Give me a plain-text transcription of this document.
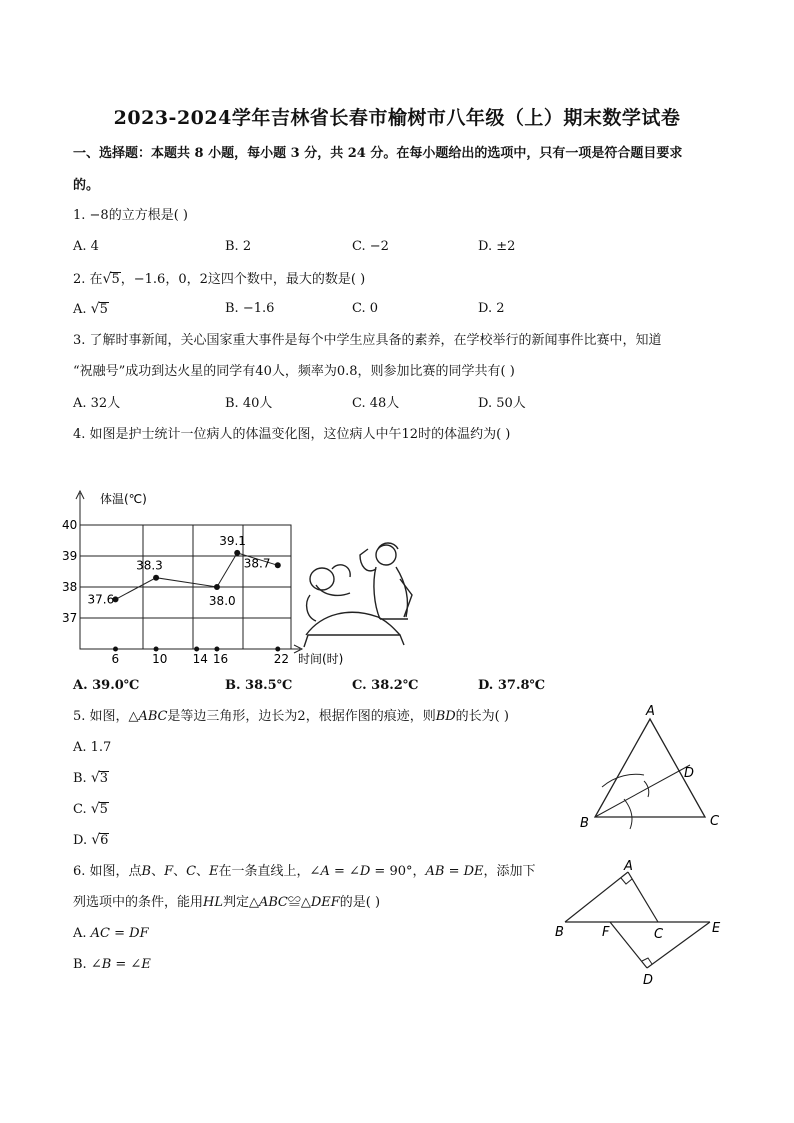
2023-2024学年吉林省长春市榆树市八年级（上）期末数学试卷
一、选择题：本题共 8 小题，每小题 3 分，共 24 分。在每小题给出的选项中，只有一项是符合题目要求
的。
1. −8的立方根是( )
A. 4	B. 2	C. −2	D. ±2
2. 在√5，−1.6，0，2这四个数中，最大的数是( )
A. √5	B. −1.6	C. 0	D. 2
3. 了解时事新闻，关心国家重大事件是每个中学生应具备的素养，在学校举行的新闻事件比赛中，知道
“祝融号”成功到达火星的同学有40人，频率为0.8，则参加比赛的同学共有( )
A. 32人	B. 40人	C. 48人	D. 50人
4. 如图是护士统计一位病人的体温变化图，这位病人中午12时的体温约为( )
体温(℃)
时间(时)
40
39
38
37
6	10 14 16	22
37.6
38.3
38.0
39.1
38.7
A. 39.0℃	B. 38.5℃	C. 38.2℃	D. 37.8℃
5. 如图，△𝐴𝐵𝐶是等边三角形，边长为2，根据作图的痕迹，则𝐵𝐷的长为( )
A. 1.7
B. √3
C. √5
D. √6
A
B	C
D
6. 如图，点𝐵、𝐹、𝐶、𝐸在一条直线上，∠𝐴 = ∠𝐷 = 90°，𝐴𝐵 = 𝐷𝐸，添加下
列选项中的条件，能用𝐻𝐿判定△𝐴𝐵𝐶≌△𝐷𝐸𝐹的是( )
A. 𝐴𝐶 = 𝐷𝐹
B. ∠𝐵 = ∠𝐸
A
B	F	C	E
D
